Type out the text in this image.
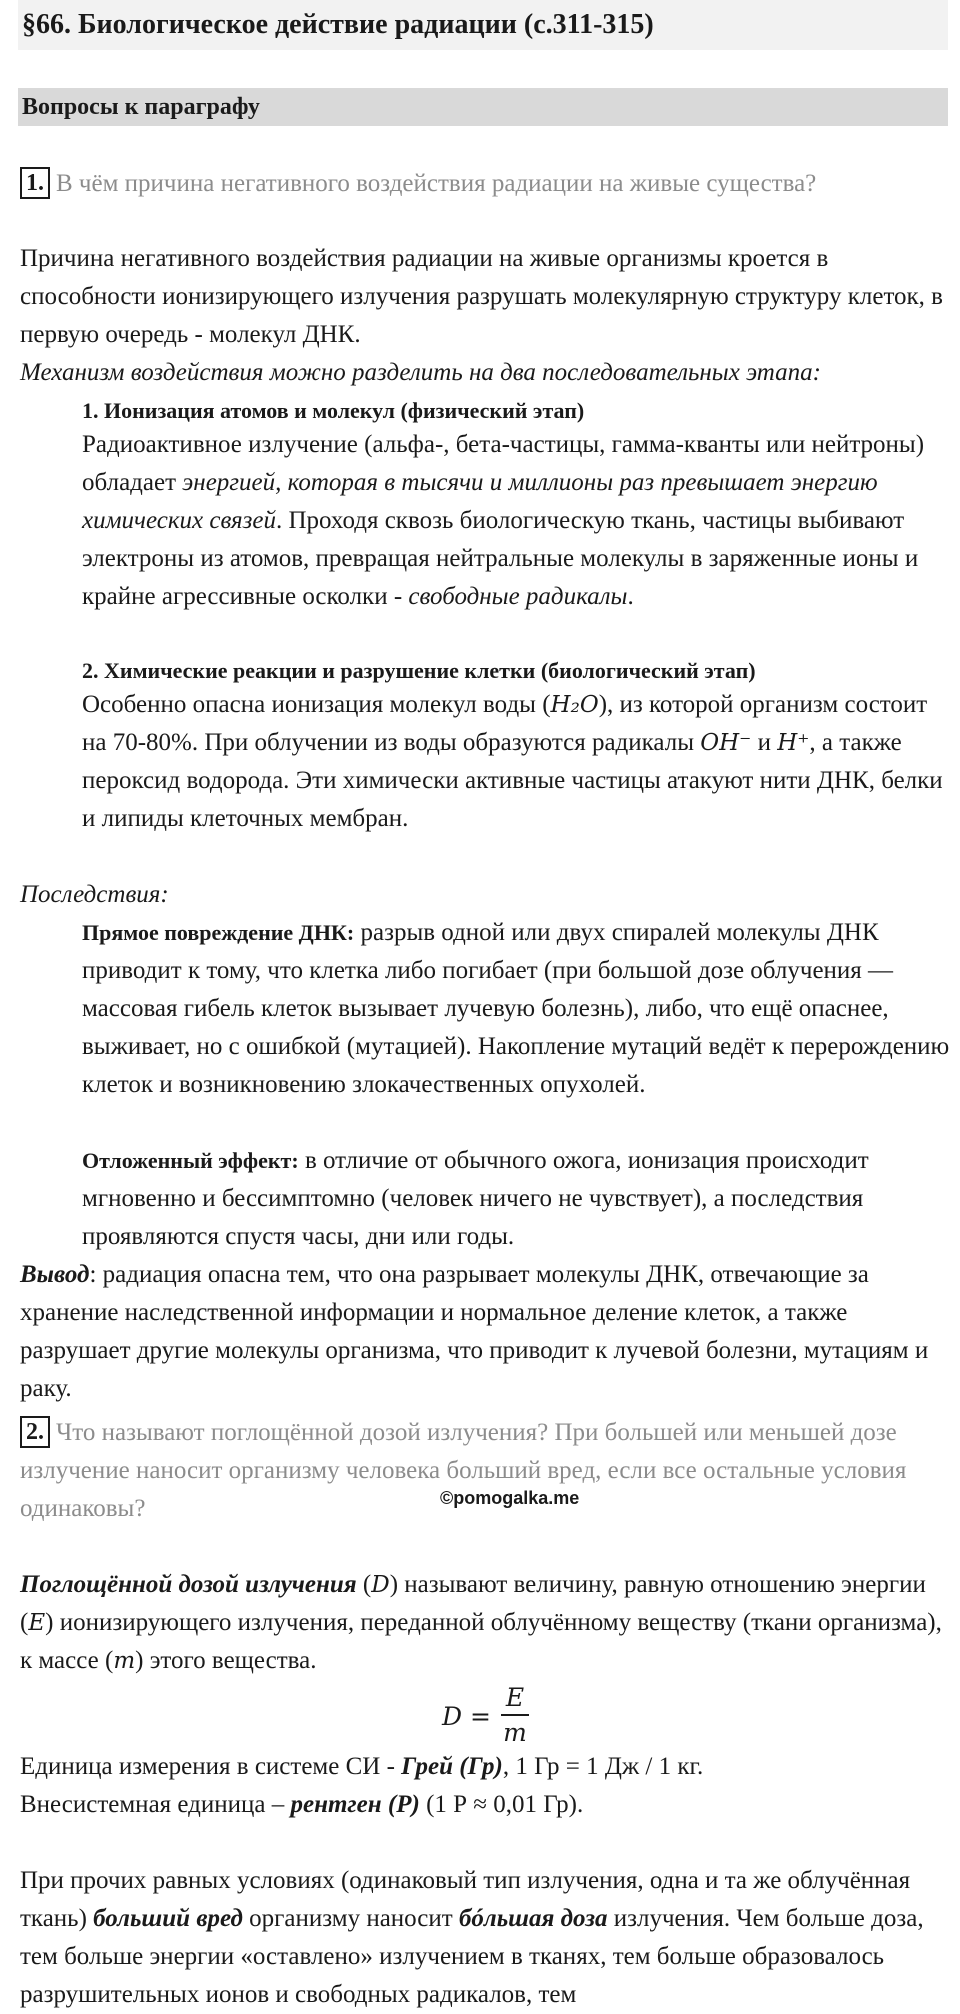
§66. Биологическое действие радиации (с.311-315)
Вопросы к параграфу
1. В чём причина негативного воздействия радиации на живые существа?
Причина негативного воздействия радиации на живые организмы кроется в способности ионизирующего излучения разрушать молекулярную структуру клеток, в первую очередь - молекул ДНК.
Механизм воздействия можно разделить на два последовательных этапа:
1. Ионизация атомов и молекул (физический этап)
Радиоактивное излучение (альфа-, бета-частицы, гамма-кванты или нейтроны) обладает энергией, которая в тысячи и миллионы раз превышает энергию химических связей. Проходя сквозь биологическую ткань, частицы выбивают электроны из атомов, превращая нейтральные молекулы в заряженные ионы и крайне агрессивные осколки - свободные радикалы.
2. Химические реакции и разрушение клетки (биологический этап)
Особенно опасна ионизация молекул воды (H₂O), из которой организм состоит на 70-80%. При облучении из воды образуются радикалы OH⁻ и H⁺, а также пероксид водорода. Эти химически активные частицы атакуют нити ДНК, белки и липиды клеточных мембран.
Последствия:
Прямое повреждение ДНК: разрыв одной или двух спиралей молекулы ДНК приводит к тому, что клетка либо погибает (при большой дозе облучения — массовая гибель клеток вызывает лучевую болезнь), либо, что ещё опаснее, выживает, но с ошибкой (мутацией). Накопление мутаций ведёт к перерождению клеток и возникновению злокачественных опухолей.
Отложенный эффект: в отличие от обычного ожога, ионизация происходит мгновенно и бессимптомно (человек ничего не чувствует), а последствия проявляются спустя часы, дни или годы.
Вывод: радиация опасна тем, что она разрывает молекулы ДНК, отвечающие за хранение наследственной информации и нормальное деление клеток, а также разрушает другие молекулы организма, что приводит к лучевой болезни, мутациям и раку.
2. Что называют поглощённой дозой излучения? При большей или меньшей дозе излучение наносит организму человека больший вред, если все остальные условия одинаковы?	©pomogalka.me
Поглощённой дозой излучения (D) называют величину, равную отношению энергии (E) ионизирующего излучения, переданной облучённому веществу (ткани организма), к массе (m) этого вещества.
D =
E
m
Единица измерения в системе СИ - Грей (Гр), 1 Гр = 1 Дж / 1 кг.
Внесистемная единица – рентген (Р) (1 Р ≈ 0,01 Гр).
При прочих равных условиях (одинаковый тип излучения, одна и та же облучённая ткань) больший вред организму наносит бóльшая доза излучения. Чем больше доза, тем больше энергии «оставлено» излучением в тканях, тем больше образовалось разрушительных ионов и свободных радикалов, тем
